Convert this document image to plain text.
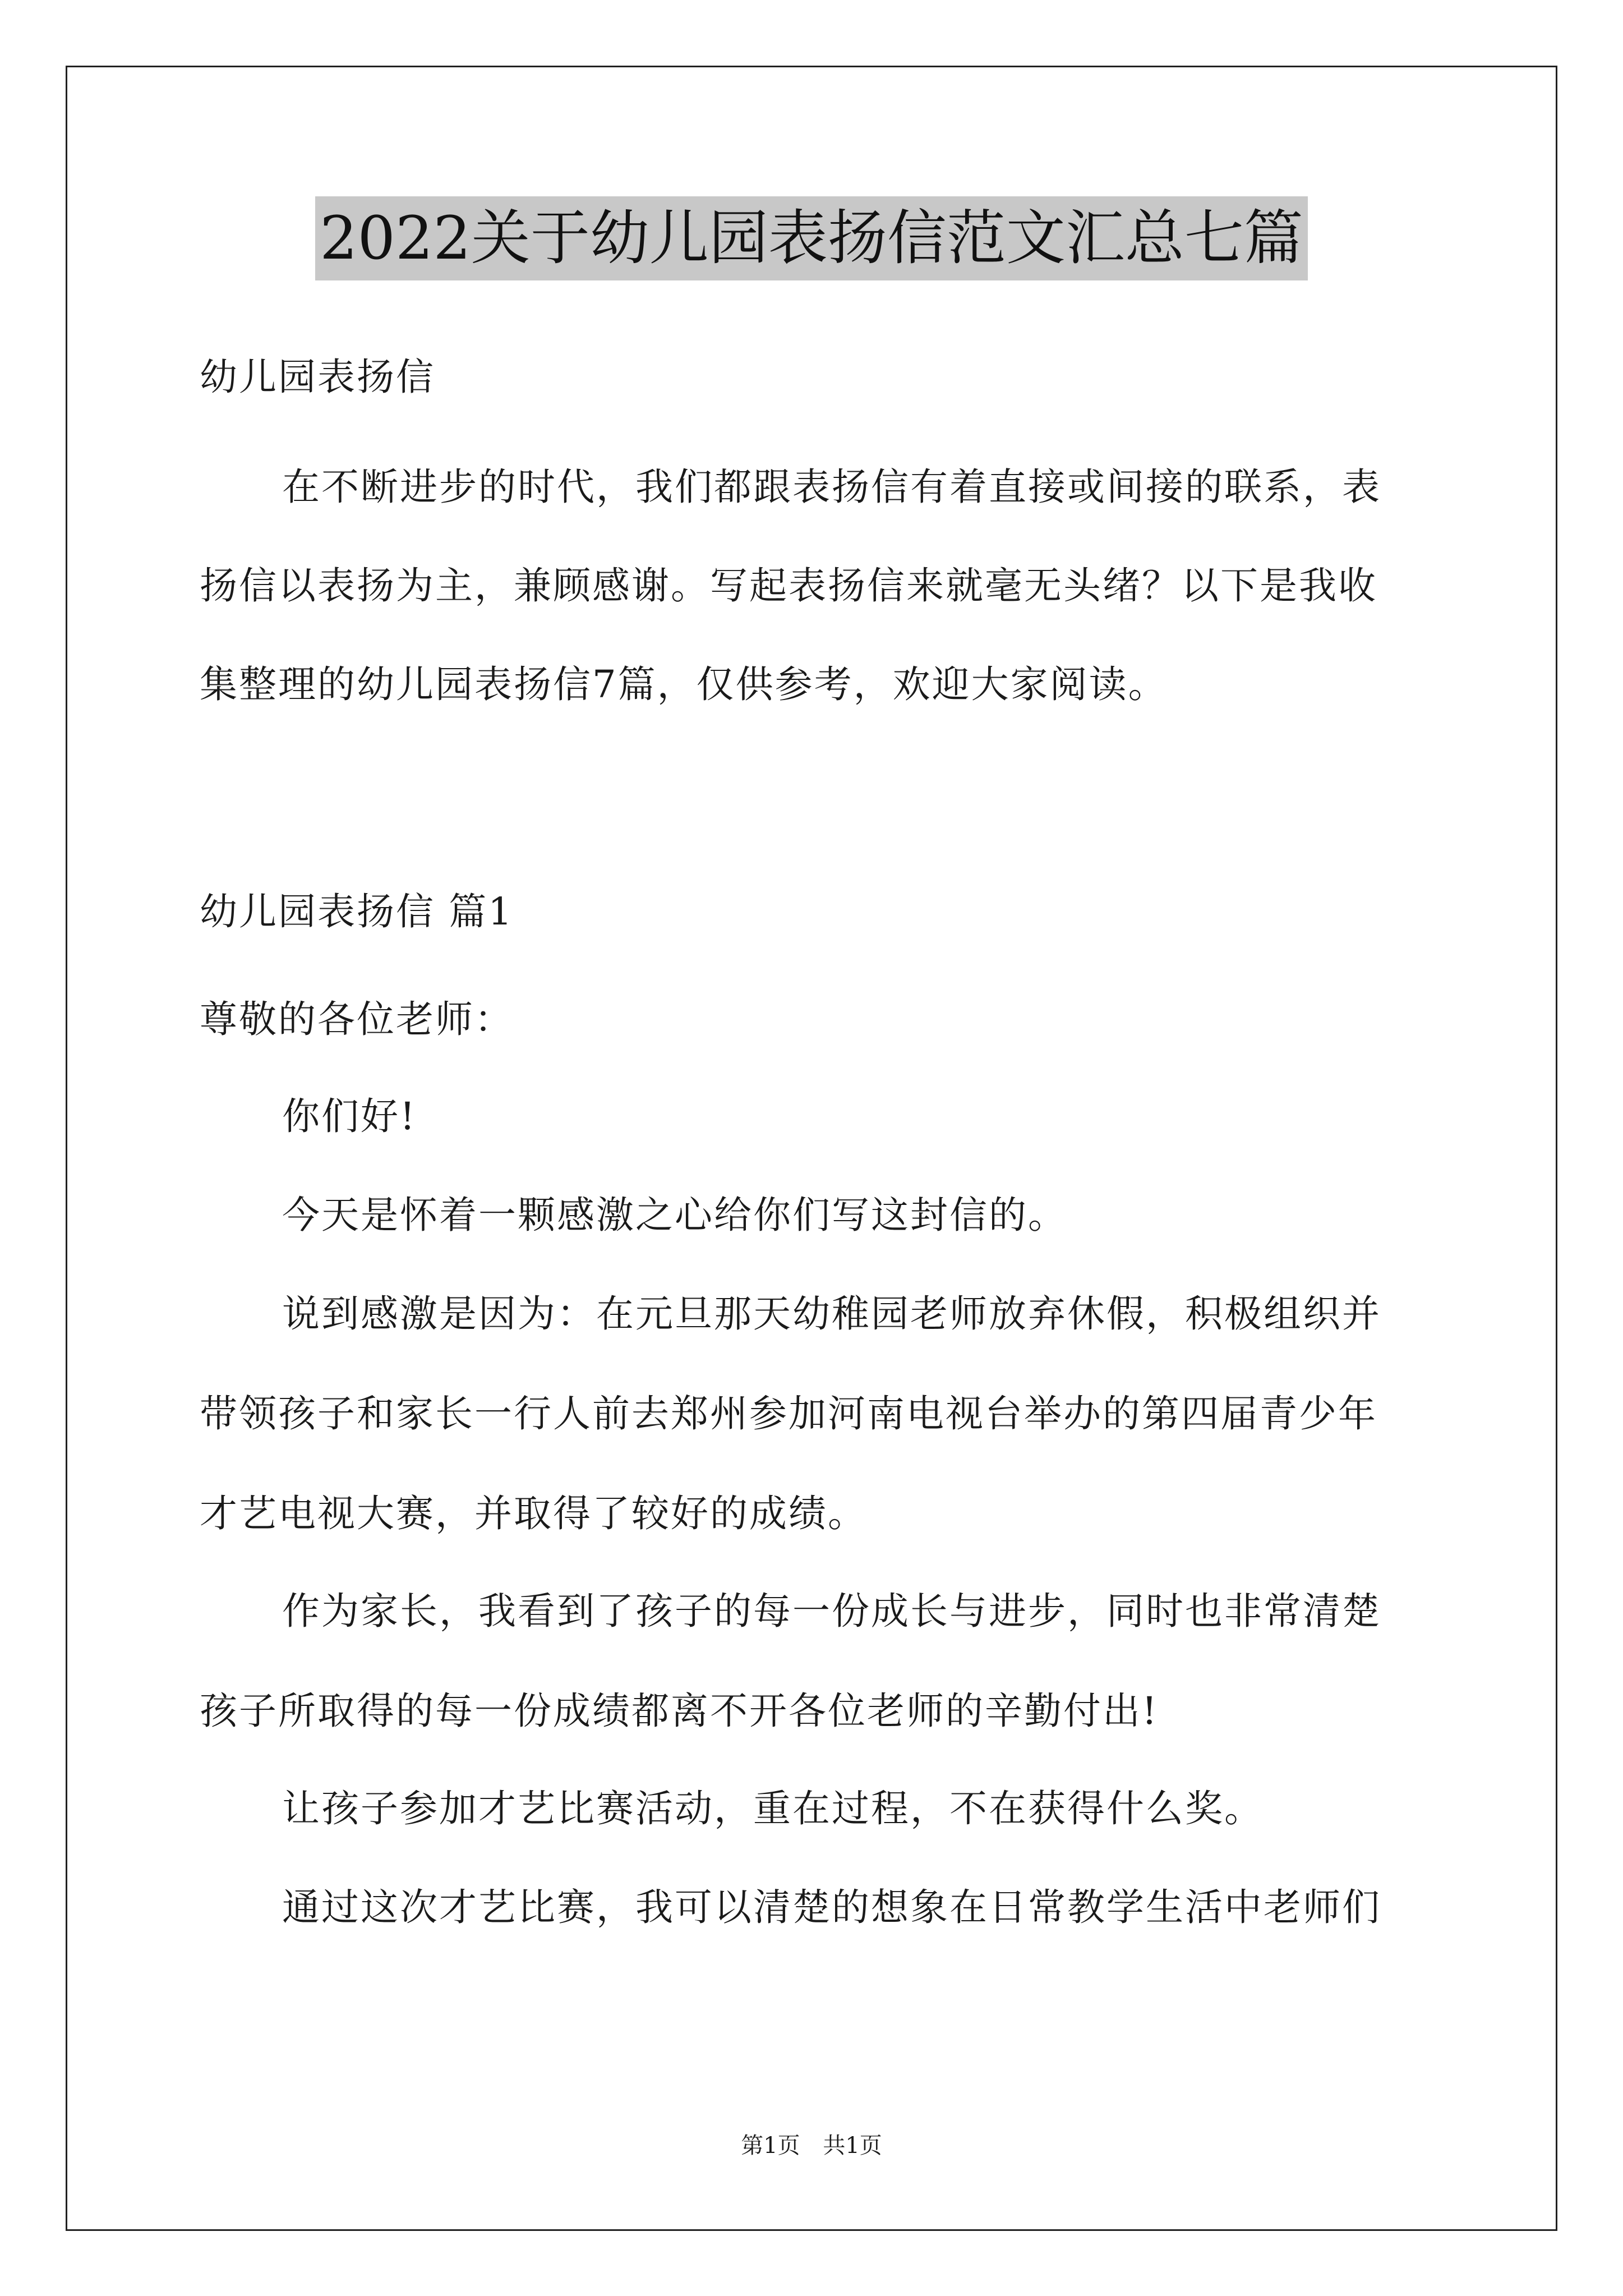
2022关于幼儿园表扬信范文汇总七篇
幼儿园表扬信
在不断进步的时代，我们都跟表扬信有着直接或间接的联系，表
扬信以表扬为主，兼顾感谢。写起表扬信来就毫无头绪？以下是我收
集整理的幼儿园表扬信7篇，仅供参考，欢迎大家阅读。
幼儿园表扬信 篇1
尊敬的各位老师：
你们好!
今天是怀着一颗感激之心给你们写这封信的。
说到感激是因为：在元旦那天幼稚园老师放弃休假，积极组织并
带领孩子和家长一行人前去郑州参加河南电视台举办的第四届青少年
才艺电视大赛，并取得了较好的成绩。
作为家长，我看到了孩子的每一份成长与进步，同时也非常清楚
孩子所取得的每一份成绩都离不开各位老师的辛勤付出!
让孩子参加才艺比赛活动，重在过程，不在获得什么奖。
通过这次才艺比赛，我可以清楚的想象在日常教学生活中老师们
第1页 共1页
